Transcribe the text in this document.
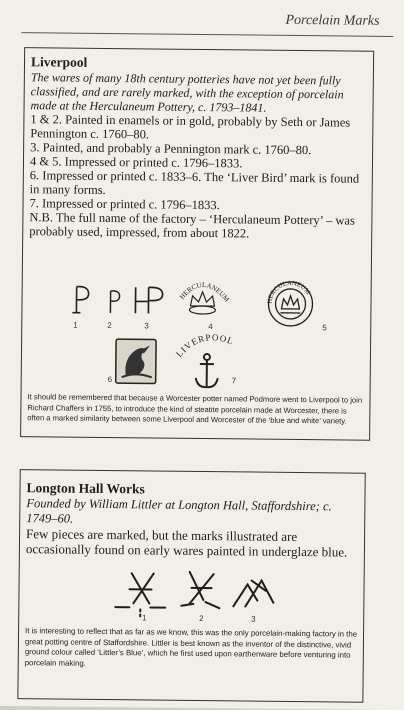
Porcelain Marks

Liverpool

The wares of many 18th century potteries have not yet been fully classified, and are rarely marked, with the exception of porcelain made at the Herculaneum Pottery, c. 1793–1841.

1 & 2. Painted in enamels or in gold, probably by Seth or James Pennington c. 1760–80.

3. Painted, and probably a Pennington mark c. 1760–80.

4 & 5. Impressed or printed c. 1796–1833.

6. Impressed or printed c. 1833–6. The ‘Liver Bird’ mark is found in many forms.

7. Impressed or printed c. 1796–1833.

N.B. The full name of the factory – ‘Herculaneum Pottery’ – was probably used, impressed, from about 1822.

HERCULANEUM	HERCULANEUM
1	2	3	4	5
LIVERPOOL
6	7

It should be remembered that because a Worcester potter named Podmore went to Liverpool to join Richard Chaffers in 1755, to introduce the kind of steatite porcelain made at Worcester, there is often a marked similarity between some Liverpool and Worcester of the ‘blue and white’ variety.

Longton Hall Works

Founded by William Littler at Longton Hall, Staffordshire; c. 1749–60.

Few pieces are marked, but the marks illustrated are occasionally found on early wares painted in underglaze blue.

1	2	3

It is interesting to reflect that as far as we know, this was the only porcelain-making factory in the great potting centre of Staffordshire. Littler is best known as the inventor of the distinctive, vivid ground colour called ‘Littler’s Blue’, which he first used upon earthenware before venturing into porcelain making.
